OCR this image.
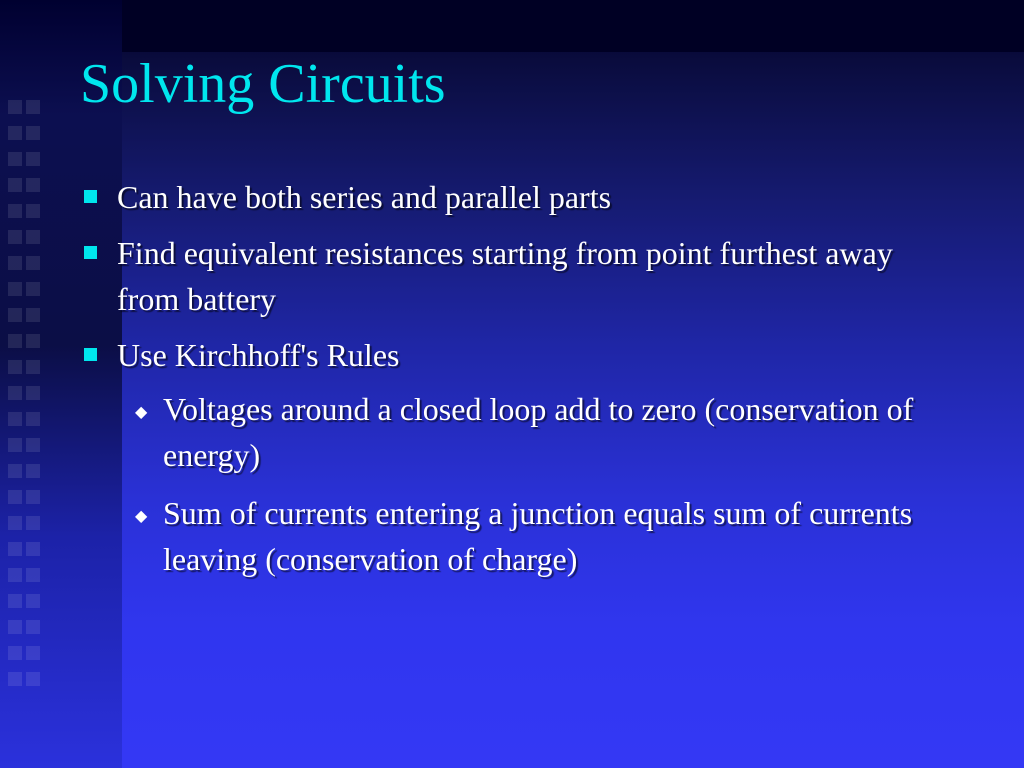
Solving Circuits
Can have both series and parallel parts
Find equivalent resistances starting from point furthest away from battery
Use Kirchhoff's Rules
◆ Voltages around a closed loop add to zero (conservation of energy)
◆ Sum of currents entering a junction equals sum of currents leaving (conservation of charge)
